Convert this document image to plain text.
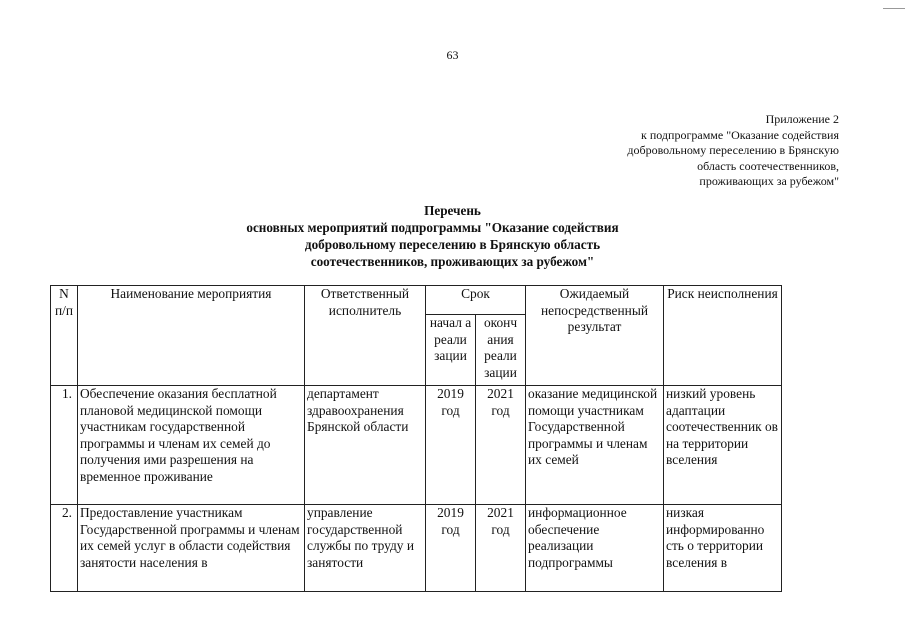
63
Приложение 2
к подпрограмме "Оказание содействия
добровольному переселению в Брянскую
область соотечественников,
проживающих за рубежом"
Перечень
основных мероприятий подпрограммы "Оказание содействия
добровольному переселению в Брянскую область
соотечественников, проживающих за рубежом"
N п/п	Наименование мероприятия	Ответственный исполнитель	Срок		Ожидаемый непосредственный результат	Риск неисполнения
			начал а реали зации	оконч ания реали зации		
1.	Обеспечение оказания бесплатной плановой медицинской помощи участникам государственной программы и членам их семей до получения ими разрешения на временное проживание	департамент здравоохранения Брянской области	2019 год	2021 год	оказание медицинской помощи участникам Государственной программы и членам их семей	низкий уровень адаптации соотечественник ов на территории вселения
2.	Предоставление участникам Государственной программы и членам их семей услуг в области содействия занятости населения в	управление государственной службы по труду и занятости	2019 год	2021 год	информационное обеспечение реализации подпрограммы	низкая информированно сть о территории вселения в
